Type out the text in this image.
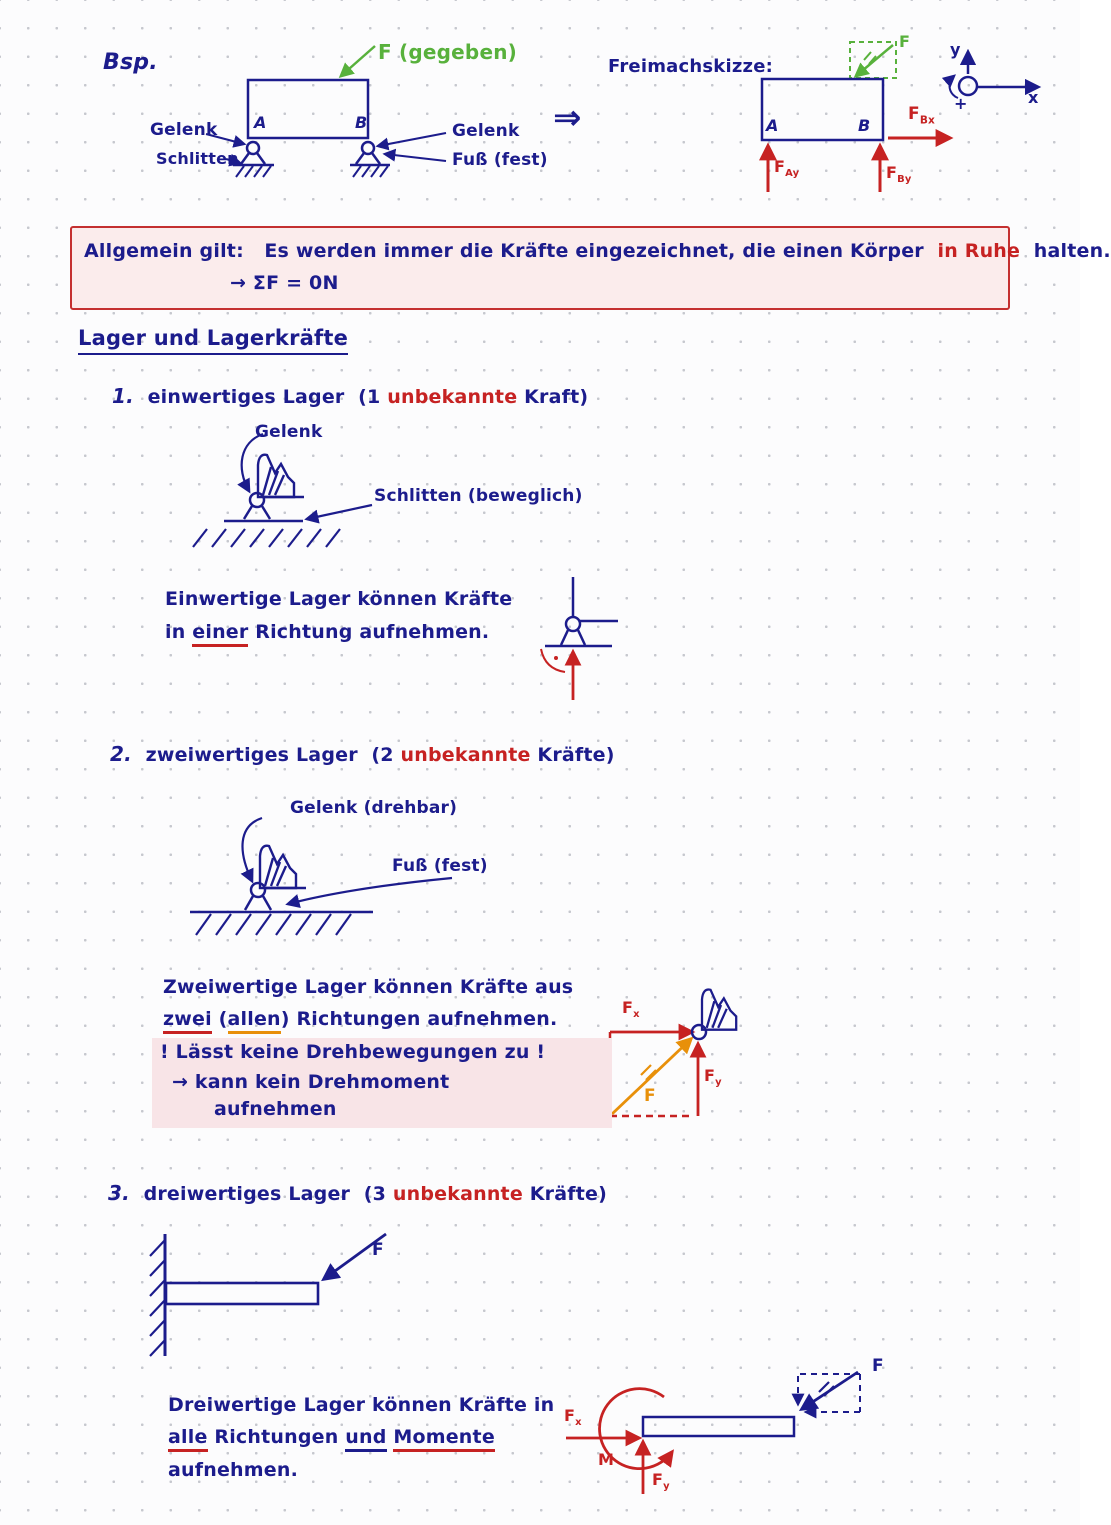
Bsp.	F (gegeben)
Gelenk
Schlitten
A	B	Gelenk
Fuß (fest)
⇒
Freimachskizze:
A	B
F
$F_{Bx}$
$F_{Ay}$	$F_{By}$
y
x
+
Allgemein gilt: Es werden immer die Kräfte eingezeichnet, die einen Körper in Ruhe halten.
→ ΣF = 0N
Lager und Lagerkräfte
1. einwertiges Lager (1 unbekannte Kraft)
Gelenk
Schlitten (beweglich)
Einwertige Lager können Kräfte
in einer Richtung aufnehmen.
2. zweiwertiges Lager (2 unbekannte Kräfte)
Gelenk (drehbar)
Fuß (fest)
Zweiwertige Lager können Kräfte aus
zwei (allen) Richtungen aufnehmen.
! Lässt keine Drehbewegungen zu !
→ kann kein Drehmoment
aufnehmen
$F_x$
$F_y$
F
3. dreiwertiges Lager (3 unbekannte Kräfte)
F
Dreiwertige Lager können Kräfte in
alle Richtungen und Momente
aufnehmen.
$F_x$
M
$F_y$
F
